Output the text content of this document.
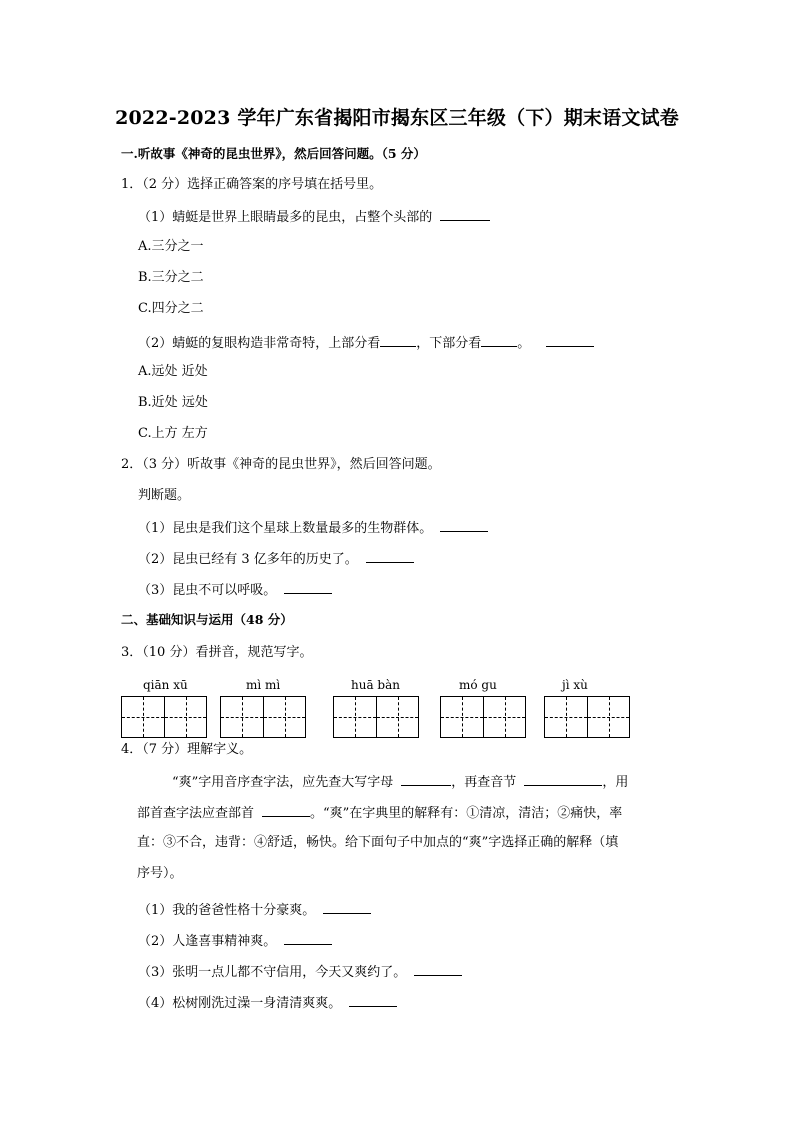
2022-2023 学年广东省揭阳市揭东区三年级（下）期末语文试卷
一.听故事《神奇的昆虫世界》，然后回答问题。（5 分）
1．（2 分）选择正确答案的序号填在括号里。
（1）蜻蜓是世界上眼睛最多的昆虫，占整个头部的
A.三分之一
B.三分之二
C.四分之二
（2）蜻蜓的复眼构造非常奇特，上部分看	，下部分看	。
A.远处 近处
B.近处 远处
C.上方 左方
2．（3 分）听故事《神奇的昆虫世界》，然后回答问题。
判断题。
（1）昆虫是我们这个星球上数量最多的生物群体。
（2）昆虫已经有 3 亿多年的历史了。
（3）昆虫不可以呼吸。
二、基础知识与运用（48 分）
3．（10 分）看拼音，规范写字。
qiān xū	mì mì	huā bàn	mó gu	jì xù
4．（7 分）理解字义。
“爽”字用音序查字法，应先查大写字母	，再查音节	，用
部首查字法应查部首	。“爽”在字典里的解释有：①清凉，清洁；②痛快，率
直：③不合，违背：④舒适，畅快。给下面句子中加点的“爽”字选择正确的解释（填
序号）。
（1）我的爸爸性格十分豪爽。
（2）人逢喜事精神爽。
（3）张明一点儿都不守信用，今天又爽约了。
（4）松树刚洗过澡一身清清爽爽。
